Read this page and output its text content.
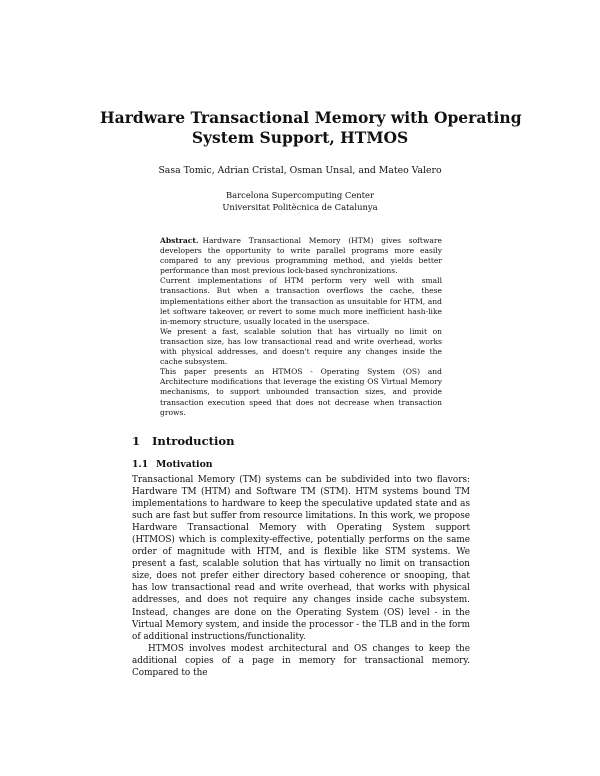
Hardware Transactional Memory with Operating
System Support, HTMOS
Sasa Tomic, Adrian Cristal, Osman Unsal, and Mateo Valero
Barcelona Supercomputing Center
Universitat Politècnica de Catalunya

Abstract. Hardware Transactional Memory (HTM) gives software developers the opportunity to write parallel programs more easily compared to any previous programming method, and yields better performance than most previous lock-based synchronizations.

Current implementations of HTM perform very well with small transactions. But when a transaction overflows the cache, these implementations either abort the transaction as unsuitable for HTM, and let software takeover, or revert to some much more inefficient hash-like in-memory structure, usually located in the userspace.

We present a fast, scalable solution that has virtually no limit on transaction size, has low transactional read and write overhead, works with physical addresses, and doesn't require any changes inside the cache subsystem.

This paper presents an HTMOS - Operating System (OS) and Architecture modifications that leverage the existing OS Virtual Memory mechanisms, to support unbounded transaction sizes, and provide transaction execution speed that does not decrease when transaction grows.

1 Introduction
1.1 Motivation

Transactional Memory (TM) systems can be subdivided into two flavors: Hardware TM (HTM) and Software TM (STM). HTM systems bound TM implementations to hardware to keep the speculative updated state and as such are fast but suffer from resource limitations. In this work, we propose Hardware Transactional Memory with Operating System support (HTMOS) which is complexity-effective, potentially performs on the same order of magnitude with HTM, and is flexible like STM systems. We present a fast, scalable solution that has virtually no limit on transaction size, does not prefer either directory based coherence or snooping, that has low transactional read and write overhead, that works with physical addresses, and does not require any changes inside cache subsystem. Instead, changes are done on the Operating System (OS) level - in the Virtual Memory system, and inside the processor - the TLB and in the form of additional instructions/functionality.

HTMOS involves modest architectural and OS changes to keep the additional copies of a page in memory for transactional memory. Compared to the
